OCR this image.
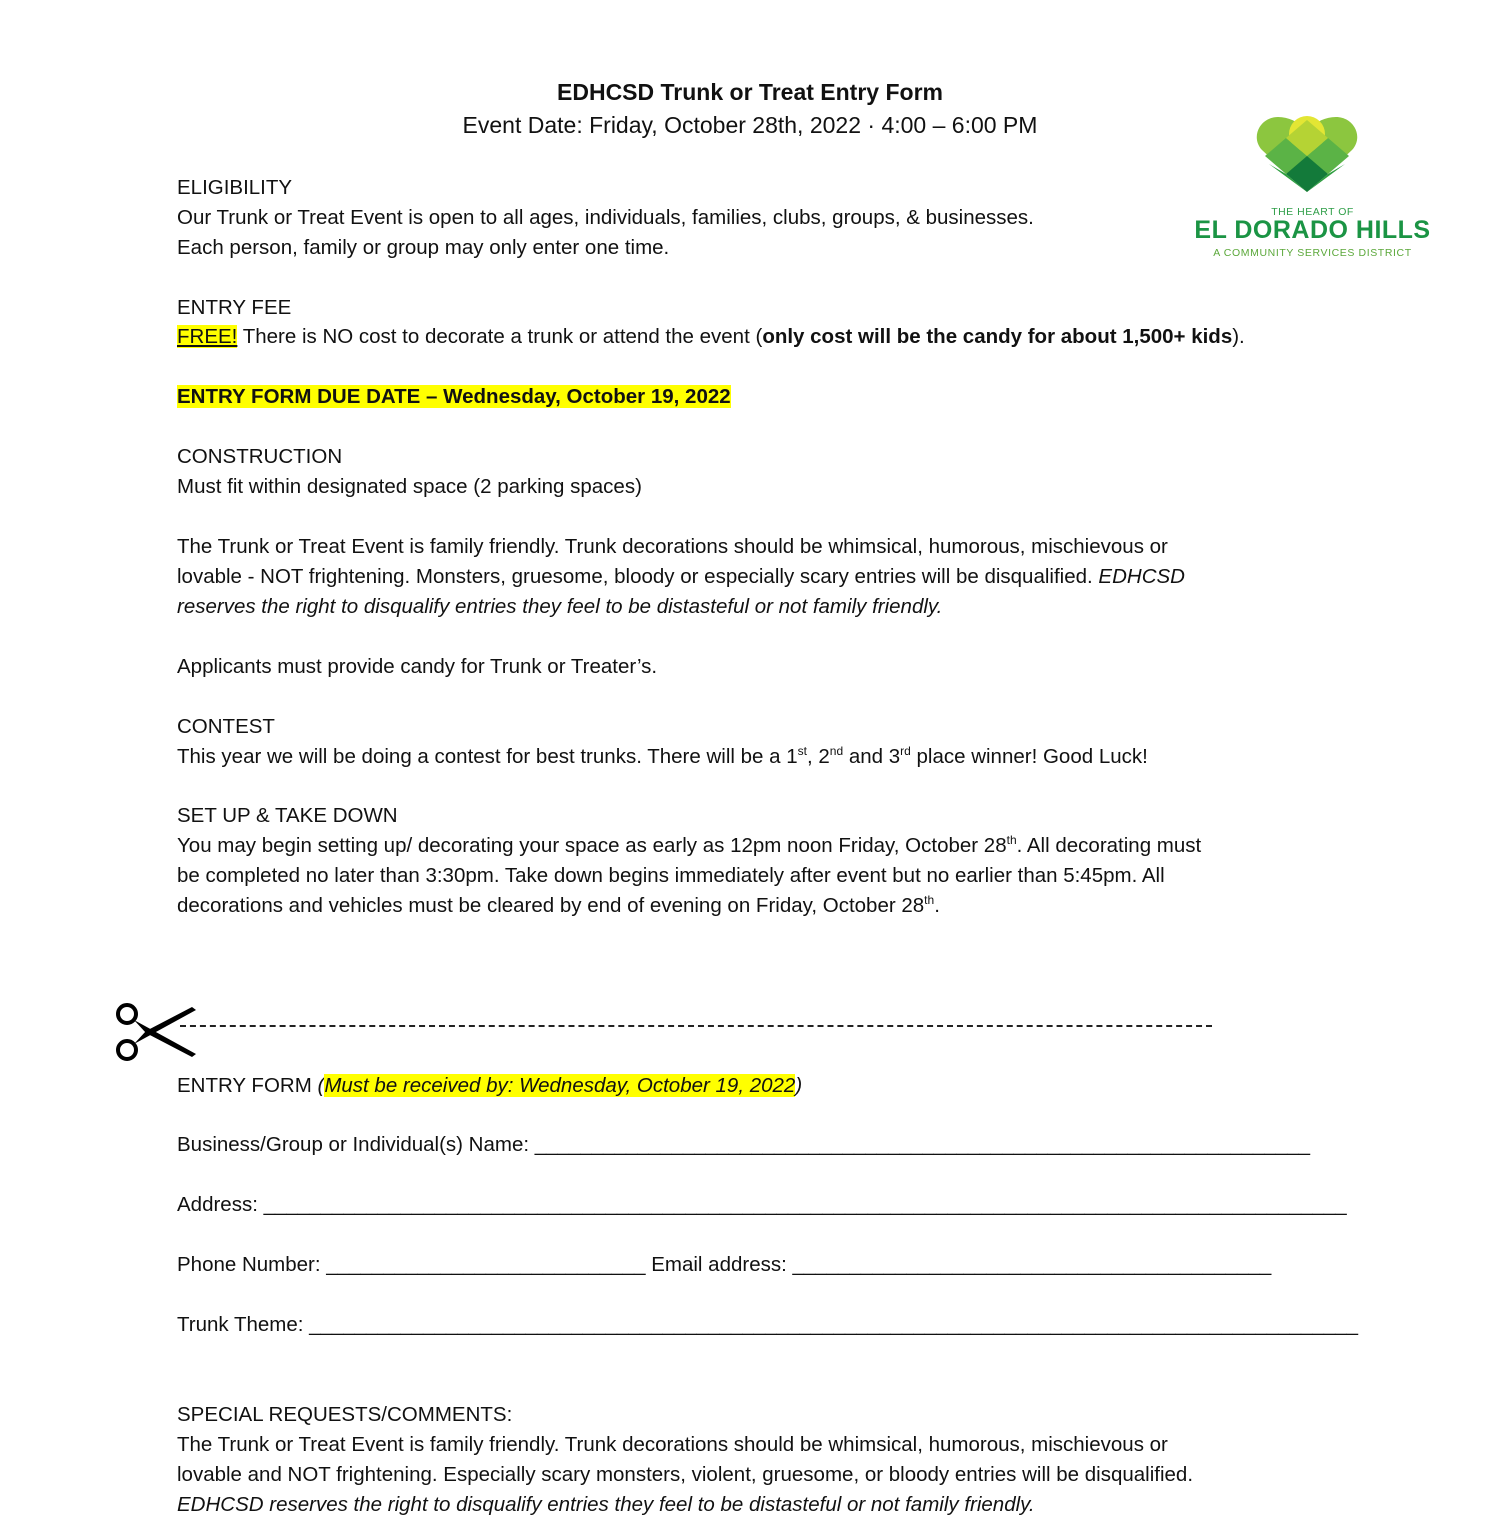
EDHCSD Trunk or Treat Entry Form
Event Date: Friday, October 28th, 2022 · 4:00 – 6:00 PM
THE HEART OF
EL DORADO HILLS
A COMMUNITY SERVICES DISTRICT
ELIGIBILITY
Our Trunk or Treat Event is open to all ages, individuals, families, clubs, groups, & businesses.
Each person, family or group may only enter one time.
ENTRY FEE
FREE! There is NO cost to decorate a trunk or attend the event (only cost will be the candy for about 1,500+ kids).
ENTRY FORM DUE DATE – Wednesday, October 19, 2022
CONSTRUCTION
Must fit within designated space (2 parking spaces)
The Trunk or Treat Event is family friendly. Trunk decorations should be whimsical, humorous, mischievous or
lovable - NOT frightening. Monsters, gruesome, bloody or especially scary entries will be disqualified. EDHCSD
reserves the right to disqualify entries they feel to be distasteful or not family friendly.
Applicants must provide candy for Trunk or Treater’s.
CONTEST
This year we will be doing a contest for best trunks. There will be a 1st, 2nd and 3rd place winner! Good Luck!
SET UP & TAKE DOWN
You may begin setting up/ decorating your space as early as 12pm noon Friday, October 28th. All decorating must
be completed no later than 3:30pm. Take down begins immediately after event but no earlier than 5:45pm. All
decorations and vehicles must be cleared by end of evening on Friday, October 28th.
ENTRY FORM (Must be received by: Wednesday, October 19, 2022)
Business/Group or Individual(s) Name: ____________________________________________________________________
Address: _______________________________________________________________________________________________
Phone Number: ____________________________ Email address: __________________________________________
Trunk Theme: ____________________________________________________________________________________________
SPECIAL REQUESTS/COMMENTS:
The Trunk or Treat Event is family friendly. Trunk decorations should be whimsical, humorous, mischievous or
lovable and NOT frightening. Especially scary monsters, violent, gruesome, or bloody entries will be disqualified.
EDHCSD reserves the right to disqualify entries they feel to be distasteful or not family friendly.
